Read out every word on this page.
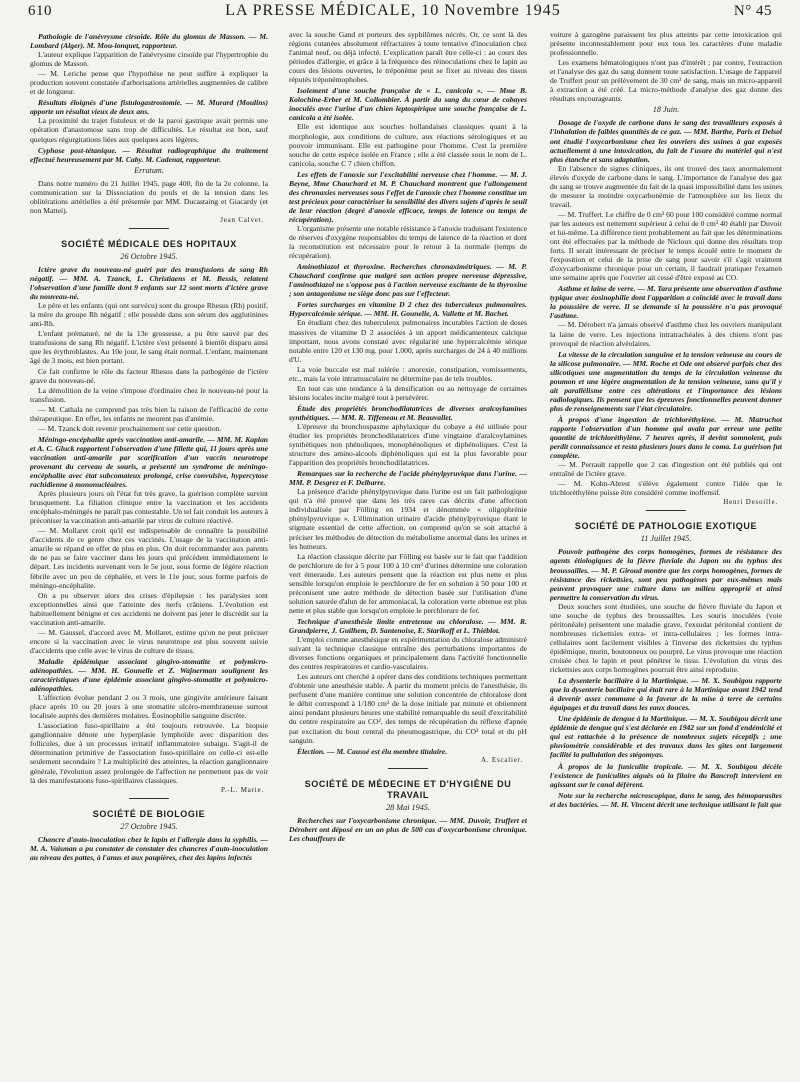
610	LA PRESSE MÉDICALE, 10 Novembre 1945	N° 45
Pathologie de l'anévrysme cirsoïde. Rôle du glomus de Masson. — M. Lombard (Alger). M. Mou-lonquet, rapporteur.
L'auteur explique l'apparition de l'anévrysme cirsoïde par l'hypertrophie du glomus de Masson.
— M. Leriche pense que l'hypothèse ne peut suffire à expliquer la production souvent constatée d'arborisations artérielles augmentées de calibre et de longueur.
Résultats éloignés d'une fistulogastrostomie. — M. Murard (Moulins) apporte un résultat vieux de deux ans.
La proximité du trajet fistuleux et de la paroi gastrique avait permis une opération d'anastomose sans trop de difficultés. Le résultat est bon, sauf quelques régurgitations liées aux quelques aces légères.
Cyphose post-tétanique. — Résultat radiographique du traitement effectué heureusement par M. Caby. M. Cadenat, rapporteur.
Erratum.
Dans notre numéro du 21 Juillet 1945, page 400, fin de la 2e colonne, la communication sur la Dissociation du pouls et de la tension dans les oblitérations artérielles a été présentée par MM. Ducastaing et Giacardy (et non Mattei).
Jean Calvet.
SOCIÉTÉ MÉDICALE DES HOPITAUX
26 Octobre 1945.
Ictère grave du nouveau-né guéri par des transfusions de sang Rh négatif. — MM. A. Tzanck, L. Christiaens et M. Bessis, relatent l'observation d'une famille dont 9 enfants sur 12 sont morts d'ictère grave du nouveau-né.
Le père et les enfants (qui ont survécu) sont du groupe Rhesus (Rh) positif, la mère du groupe Rh négatif ; elle possède dans son sérum des agglutinines anti-Rh.
L'enfant prématuré, né de la 13e grossesse, a pu être sauvé par des transfusions de sang Rh négatif. L'ictère s'est présenté à bientôt disparu ainsi que les érythroblastes. Au 10e jour, le sang était normal. L'enfant, maintenant âgé de 3 mois, est bien portant.
Ce fait confirme le rôle du facteur Rhesus dans la pathogénie de l'ictère grave du nouveau-né.
La démolition de la veine s'impose d'ordinaire chez le nouveau-né pour la transfusion.
— M. Cathala ne comprend pas très bien la raison de l'efficacité de cette thérapeutique. En effet, les enfants ne meurent pas d'anémie.
— M. Tzanck doit revenir prochainement sur cette question.
Méningo-encéphalite après vaccination anti-amarile. — MM. M. Kaplan et A. C. Gluck rapportent l'observation d'une fillette qui, 11 jours après une vaccination anti-amarile par scarification d'un vaccin neurotrope provenant du cerveau de souris, a présenté un syndrome de méningo-encéphalite avec état subcomateux prolongé, crise convulsive, hypercytose rachidienne à mononucléaires.
Après plusieurs jours où l'état fut très grave, la guérison complète survint brusquement. La filiation clinique entre la vaccination et les accidents encéphalo-méningés ne paraît pas contestable. Un tel fait conduit les auteurs à préconiser la vaccination anti-amarile par virus de culture réactivé.
— M. Mollaret croit qu'il est indispensable de connaître la possibilité d'accidents de ce genre chez ces vaccinés. L'usage de la vaccination anti-amarile se répand en effet de plus en plus. On doit recommander aux parents de ne pas se faire vacciner dans les jours qui précèdent immédiatement le départ. Les incidents survenant vers le 5e jour, sous forme de légère réaction fébrile avec un peu de céphalée, et vers le 11e jour, sous forme parfois de méningo-encéphalite.
On a pu observer alors des crises d'épilepsie : les paralysies sont exceptionnelles ainsi que l'atteinte des nerfs crâniens. L'évolution est habituellement bénigne et ces accidents ne doivent pas jeter le discrédit sur la vaccination anti-amarile.
— M. Gaussel, d'accord avec M. Mollaret, estime qu'on ne peut préciser encore si la vaccination avec le virus neurotrope est plus souvent suivie d'accidents que celle avec le virus de culture de tissus.
Maladie épidémique associant gingivo-stomatite et polymicro-adénopathies. — MM. H. Gounelle et Z. Wajnerman soulignent les caractéristiques d'une épidémie associant gingivo-stomatite et polymicro-adénopathies.
L'affection évolue pendant 2 ou 3 mois, une gingivite antérieure faisant place après 10 ou 20 jours à une stomatite ulcéro-membraneuse surtout localisée auprès des dernières molaires. Éosinophilie sanguine discrète.
L'association fuso-spirillaire a été toujours retrouvée. La biopsie ganglionnaire dénote une hyperplasie lymphoïde avec disparition des follicules, due à un processus irritatif inflammatoire subaigu. S'agit-il de détermination primitive de l'association fuso-spirillaire ou celle-ci est-elle seulement secondaire ? La multiplicité des atteintes, la réaction ganglionnaire générale, l'évolution assez prolongée de l'affection ne permettent pas de voir là des manifestations fuso-spirillaires classiques.
P.-L. Marie.
SOCIÉTÉ DE BIOLOGIE
27 Octobre 1945.
Chancre d'auto-inoculation chez le lapin et l'allergie dans la syphilis. — M. A. Vaisman a pu constater de constater des chancres d'auto-inoculation au niveau des pattes, à l'anus et aux paupières, chez des lapins infectés
avec la souche Gand et porteurs des syphilômes nécrés. Or, ce sont là des régions cutanées absolument réfractaires à toute tentative d'inoculation chez l'animal neuf, ou déjà infecté. L'explication paraît être celle-ci : au cours des périodes d'allergie, et grâce à la fréquence des réinoculations chez le lapin au cours des lésions ouvertes, le tréponème peut se fixer au niveau des tissus réputés tréponémophobes.
Isolement d'une souche française de « L. canicola ». — Mme B. Kolochine-Erber et M. Collombier. À partir du sang du cœur de cobayes inoculés avec l'urine d'un chien leptospirique une souche française de L. canicola a été isolée.
Elle est identique aux souches hollandaises classiques quant à la morphologie, aux conditions de culture, aux réactions sérologiques et au pouvoir immunisant. Elle est pathogène pour l'homme. C'est la première souche de cette espèce isolée en France ; elle a été classée sous le nom de L. canicola, souche C 7 chien chiffon.
Les effets de l'anoxie sur l'excitabilité nerveuse chez l'homme. — M. J. Beyne, Mme Chauchard et M. P. Chauchard montrent que l'allongement des chronaxies nerveuses sous l'effet de l'anoxie chez l'homme constitue un test précieux pour caractériser la sensibilité des divers sujets d'après le seuil de leur réaction (degré d'anoxie efficace, temps de latence ou temps de récupération).
L'organisme présente une notable résistance à l'anoxie traduisant l'existence de réserves d'oxygène responsables du temps de latence de la réaction et dont la reconstitution est nécessaire pour le retour à la normale (temps de récupération).
Aminothiazol et thyroxine. Recherches chronaximétriques. — M. P. Chauchard confirme que malgré son action propre nerveuse dépressive, l'aminothiazol ne s'oppose pas à l'action nerveuse excitante de la thyroxine ; son antagonisme ne siège donc pas sur l'effecteur.
Fortes surcharges en vitamine D 2 chez des tuberculeux pulmonaires. Hypercalcémie sérique. — MM. H. Gounelle, A. Vallette et M. Bachet.
En étudiant chez des tuberculeux pulmonaires incurables l'action de doses massives de vitamine D 2 associées à un apport médicamenteux calcique important, nous avons constaté avec régularité une hypercalcémie sérique notable entre 120 et 130 mg. pour 1.000, après surcharges de 24 à 40 millions d'U.
La voie buccale est mal tolérée : anorexie, constipation, vomissements, etc., mais la voie intramusculaire ne détermine pas de tels troubles.
En tout cas une tendance à la densification ou au nettoyage de certaines lésions locales incite malgré tout à persévérer.
Étude des propriétés bronchodilatatrices de diverses aralcoylamines synthétiques. — MM. R. Tiffeneau et M. Beauvallet.
L'épreuve du bronchospasme aphylaxique du cobaye a été utilisée pour étudier les propriétés bronchodilatatrices d'une vingtaine d'aralcoylamines synthétiques non phénoliques, monophénoliques et diphénoliques. C'est la structure des amino-alcools diphénoliques qui est la plus favorable pour l'apparition des propriétés bronchodilatatrices.
Remarques sur la recherche de l'acide phénylpyruvique dans l'urine. — MM. P. Desgrez et F. Delbarre.
La présence d'acide phénylpyruvique dans l'urine est un fait pathologique qui n'a été prouvé que dans les très rares cas décrits d'une affection individualisée par Fölling en 1934 et dénommée « oligophrénie phénylpyruvique ». L'élimination urinaire d'acide phénylpyruvique étant le stigmate essentiel de cette affection, on comprend qu'on se soit attaché à préciser les méthodes de détection du métabolisme anormal dans les urines et les humeurs.
La réaction classique décrite par Fölling est basée sur le fait que l'addition de perchlorure de fer à 5 pour 100 à 10 cm³ d'urines détermine une coloration vert émeraude. Les auteurs pensent que la réaction est plus nette et plus sensible lorsqu'on emploie le perchlorure de fer en solution à 50 pour 100 et préconisent une autre méthode de détection basée sur l'utilisation d'une solution saturée d'alun de fer ammoniacal, la coloration verte obtenue est plus nette et plus stable que lorsqu'on emploie le perchlorure de fer.
Technique d'anesthésie limite entretenue au chloralose. — MM. R. Grandpierre, J. Guilhem, D. Santenoise, E. Starikoff et L. Thiéblot.
L'emploi comme anesthésique en expérimentation du chloralose administré suivant la technique classique entraîne des perturbations importantes de diverses fonctions organiques et principalement dans l'activité fonctionnelle des centres respiratoires et cardio-vasculaires.
Les auteurs ont cherché à opérer dans des conditions techniques permettant d'obtenir une anesthésie stable. À partir du moment précis de l'anesthésie, ils perfusent d'une manière continue une solution concentrée de chloralose dont le débit correspond à 1/180 cm³ de la dose initiale par minute et obtiennent ainsi pendant plusieurs heures une stabilité remarquable du seuil d'excitabilité du centre respiratoire au CO², des temps de récupération du réflexe d'apnée par excitation du bout central du pneumogastrique, du CO² total et du pH sanguin.
Élection. — M. Caussé est élu membre titulaire.
A. Escalier.
SOCIÉTÉ DE MÉDECINE ET D'HYGIÈNE DU TRAVAIL
28 Mai 1945.
Recherches sur l'oxycarbonisme chronique. — MM. Duvoir, Truffert et Dérobert ont déposé en un an plus de 500 cas d'oxycarbonisme chronique. Les chauffeurs de
voiture à gazogène paraissent les plus atteints par cette intoxication qui présente incontestablement pour eux tous les caractères d'une maladie professionnelle.
Les examens hématologiques n'ont pas d'intérêt ; par contre, l'extraction et l'analyse des gaz du sang donnent toute satisfaction. L'usage de l'appareil de Truffert pour un prélèvement de 30 cm³ de sang, mais un micro-appareil à extraction a été créé. La micro-méthode d'analyse des gaz donne des résultats encourageants.
18 Juin.
Dosage de l'oxyde de carbone dans le sang des travailleurs exposés à l'inhalation de faibles quantités de ce gaz. — MM. Barthe, Paris et Delsol ont étudié l'oxycarbonisme chez les ouvriers des usines à gaz exposés actuellement à une intoxication, du fait de l'usure du matériel qui n'est plus étanche et sans adaptation.
En l'absence de signes cliniques, ils ont trouvé des taux anormalement élevés d'oxyde de carbone dans le sang. L'importance de l'analyse des gaz du sang se trouve augmentée du fait de la quasi impossibilité dans les usines de mesurer la moindre oxycarbonémie de l'atmosphère sur les lieux du travail.
— M. Truffert. Le chiffre de 0 cm³ 60 pour 100 considéré comme normal par les auteurs est nettement supérieur à celui de 0 cm³ 40 établi par Duvoir et lui-même. La différence tient probablement au fait que les déterminations ont été effectuées par la méthode de Nicloux qui donne des résultats trop forts. Il serait intéressant de préciser le temps écoulé entre le moment de l'exposition et celui de la prise de sang pour savoir s'il s'agit vraiment d'oxycarbonisme chronique pour un certain, il faudrait pratiquer l'examen une semaine après que l'ouvrier ait cessé d'être exposé au CO.
Asthme et laine de verre. — M. Tara présente une observation d'asthme typique avec éosinophilie dont l'apparition a coïncidé avec le travail dans la poussière de verre. Il se demande si la poussière n'a pas provoqué l'asthme.
— M. Dérobert n'a jamais observé d'asthme chez les ouvriers manipulant la laine de verre. Les injections intratrachéales à des chiens n'ont pas provoqué de réaction alvéolaires.
La vitesse de la circulation sanguine et la tension veineuse au cours de la silicose pulmonaire. — MM. Roche et Ode ont observé parfois chez des silicotiques une augmentation du temps de la circulation veineuse du poumon et une légère augmentation de la tension veineuse, sans qu'il y ait parallélisme entre ces altérations et l'importance des lésions radiologiques. Ils pensent que les épreuves fonctionnelles peuvent donner plus de renseignements sur l'état circulatoire.
À propos d'une ingestion de trichloréthylène. — M. Matruchot rapporte l'observation d'un homme qui avala par erreur une petite quantité de trichloréthylène. 7 heures après, il devint somnolent, puis perdit connaissance et resta plusieurs jours dans le coma. La guérison fut complète.
— M. Perrault rappelle que 2 cas d'ingestion ont été publiés qui ont entraîné de l'ictère grave.
— M. Kohn-Abrest s'élève également contre l'idée que le trichloréthylène puisse être considéré comme inoffensif.
Henri Desoille.
SOCIÉTÉ DE PATHOLOGIE EXOTIQUE
11 Juillet 1945.
Pouvoir pathogène des corps homogènes, formes de résistance des agents étiologiques de la fièvre fluviale du Japon ou du typhus des broussailles. — M. P. Giroud montre que les corps homogènes, formes de résistance des rickettsies, sont peu pathogènes par eux-mêmes mais peuvent provoquer une culture dans un milieu approprié et ainsi permettre la conservation du virus.
Deux souches sont étudiées, une souche de fièvre fluviale du Japon et une souche de typhus des broussailles. Les souris inoculées (voie péritonéale) présentent une maladie grave, l'exsudat péritonéal contient de nombreuses rickettsies extra- et intra-cellulaires ; les formes intra-cellulaires sont facilement visibles à l'inverse des rickettsies du typhus épidémique, murin, boutonneux ou pourpré. Le virus provoque une réaction croisée chez le lapin et peut pénétrer le tissu. L'évolution du virus des rickettsies aux corps homogènes pourrait être ainsi reproduite.
La dysenterie bacillaire à la Martinique. — M. X. Soubigou rapporte que la dysenterie bacillaire qui était rare à la Martinique avant 1942 tend à devenir assez commune à la faveur de la mise à terre de certains équipages et du travail dans les eaux douces.
Une épidémie de dengue à la Martinique. — M. X. Soubigou décrit une épidémie de dengue qui s'est déclarée en 1942 sur un fond d'endémicité et qui est rattachée à la présence de nombreux sujets réceptifs ; une pluviométrie considérable et des travaux dans les gîtes ont largement facilité la pullulation des stégomyas.
À propos de la funiculite tropicale. — M. X. Soubigou décèle l'existence de funiculites aiguës où la filaire du Bancroft intervient en agissant sur le canal déférent.
Note sur la recherche microscopique, dans le sang, des hémoparasites et des bactéries. — M. H. Vincent décrit une technique utilisant le fait que
